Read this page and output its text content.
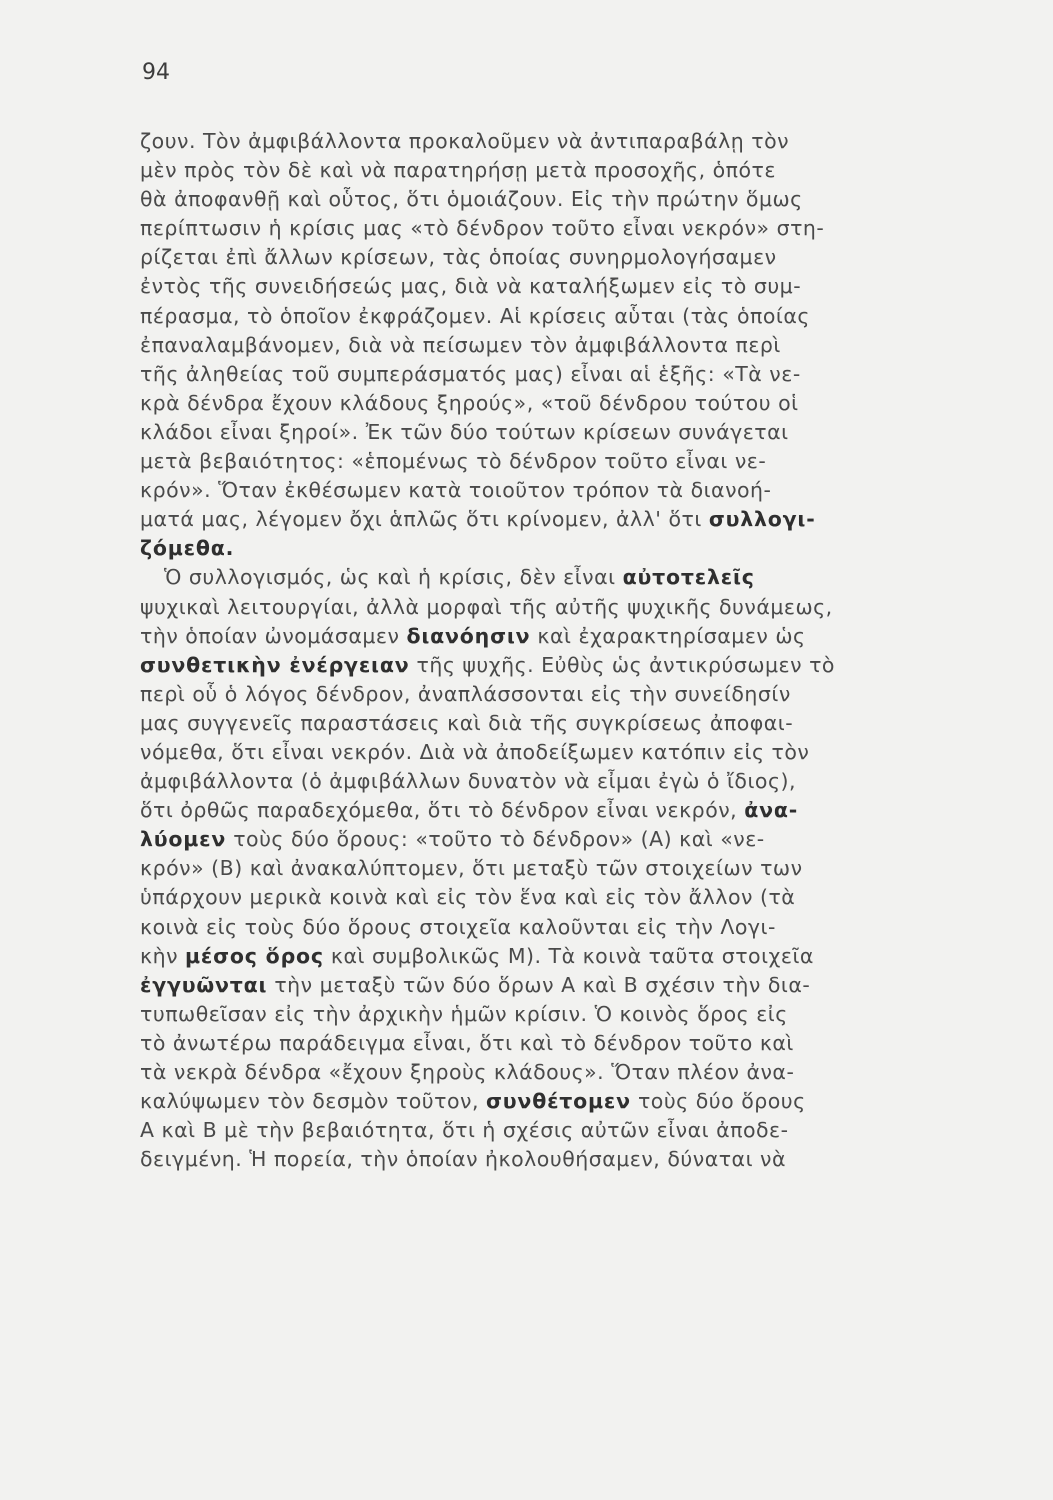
94
ζουν. Τὸν ἀμφιβάλλοντα προκαλοῦμεν νὰ ἀντιπαραβάλῃ τὸν
μὲν πρὸς τὸν δὲ καὶ νὰ παρατηρήσῃ μετὰ προσοχῆς, ὁπότε
θὰ ἀποφανθῇ καὶ οὗτος, ὅτι ὁμοιάζουν. Εἰς τὴν πρώτην ὅμως
περίπτωσιν ἡ κρίσις μας «τὸ δένδρον τοῦτο εἶναι νεκρόν» στη-
ρίζεται ἐπὶ ἄλλων κρίσεων, τὰς ὁποίας συνηρμολογήσαμεν
ἐντὸς τῆς συνειδήσεώς μας, διὰ νὰ καταλήξωμεν εἰς τὸ συμ-
πέρασμα, τὸ ὁποῖον ἐκφράζομεν. Αἱ κρίσεις αὗται (τὰς ὁποίας
ἐπαναλαμβάνομεν, διὰ νὰ πείσωμεν τὸν ἀμφιβάλλοντα περὶ
τῆς ἀληθείας τοῦ συμπεράσματός μας) εἶναι αἱ ἑξῆς: «Τὰ νε-
κρὰ δένδρα ἔχουν κλάδους ξηρούς», «τοῦ δένδρου τούτου οἱ
κλάδοι εἶναι ξηροί». Ἐκ τῶν δύο τούτων κρίσεων συνάγεται
μετὰ βεβαιότητος: «ἑπομένως τὸ δένδρον τοῦτο εἶναι νε-
κρόν». Ὅταν ἐκθέσωμεν κατὰ τοιοῦτον τρόπον τὰ διανοή-
ματά μας, λέγομεν ὄχι ἁπλῶς ὅτι κρίνομεν, ἀλλ' ὅτι συλλογι-
ζόμεθα.
Ὁ συλλογισμός, ὡς καὶ ἡ κρίσις, δὲν εἶναι αὐτοτελεῖς
ψυχικαὶ λειτουργίαι, ἀλλὰ μορφαὶ τῆς αὐτῆς ψυχικῆς δυνάμεως,
τὴν ὁποίαν ὠνομάσαμεν διανόησιν καὶ ἐχαρακτηρίσαμεν ὡς
συνθετικὴν ἐνέργειαν τῆς ψυχῆς. Εὐθὺς ὡς ἀντικρύσωμεν τὸ
περὶ οὗ ὁ λόγος δένδρον, ἀναπλάσσονται εἰς τὴν συνείδησίν
μας συγγενεῖς παραστάσεις καὶ διὰ τῆς συγκρίσεως ἀποφαι-
νόμεθα, ὅτι εἶναι νεκρόν. Διὰ νὰ ἀποδείξωμεν κατόπιν εἰς τὸν
ἀμφιβάλλοντα (ὁ ἀμφιβάλλων δυνατὸν νὰ εἶμαι ἐγὼ ὁ ἴδιος),
ὅτι ὀρθῶς παραδεχόμεθα, ὅτι τὸ δένδρον εἶναι νεκρόν, ἀνα-
λύομεν τοὺς δύο ὅρους: «τοῦτο τὸ δένδρον» (Α) καὶ «νε-
κρόν» (Β) καὶ ἀνακαλύπτομεν, ὅτι μεταξὺ τῶν στοιχείων των
ὑπάρχουν μερικὰ κοινὰ καὶ εἰς τὸν ἕνα καὶ εἰς τὸν ἄλλον (τὰ
κοινὰ εἰς τοὺς δύο ὅρους στοιχεῖα καλοῦνται εἰς τὴν Λογι-
κὴν μέσος ὅρος καὶ συμβολικῶς Μ). Τὰ κοινὰ ταῦτα στοιχεῖα
ἐγγυῶνται τὴν μεταξὺ τῶν δύο ὅρων Α καὶ Β σχέσιν τὴν δια-
τυπωθεῖσαν εἰς τὴν ἀρχικὴν ἡμῶν κρίσιν. Ὁ κοινὸς ὅρος εἰς
τὸ ἀνωτέρω παράδειγμα εἶναι, ὅτι καὶ τὸ δένδρον τοῦτο καὶ
τὰ νεκρὰ δένδρα «ἔχουν ξηροὺς κλάδους». Ὅταν πλέον ἀνα-
καλύψωμεν τὸν δεσμὸν τοῦτον, συνθέτομεν τοὺς δύο ὅρους
Α καὶ Β μὲ τὴν βεβαιότητα, ὅτι ἡ σχέσις αὐτῶν εἶναι ἀποδε-
δειγμένη. Ἡ πορεία, τὴν ὁποίαν ἠκολουθήσαμεν, δύναται νὰ
